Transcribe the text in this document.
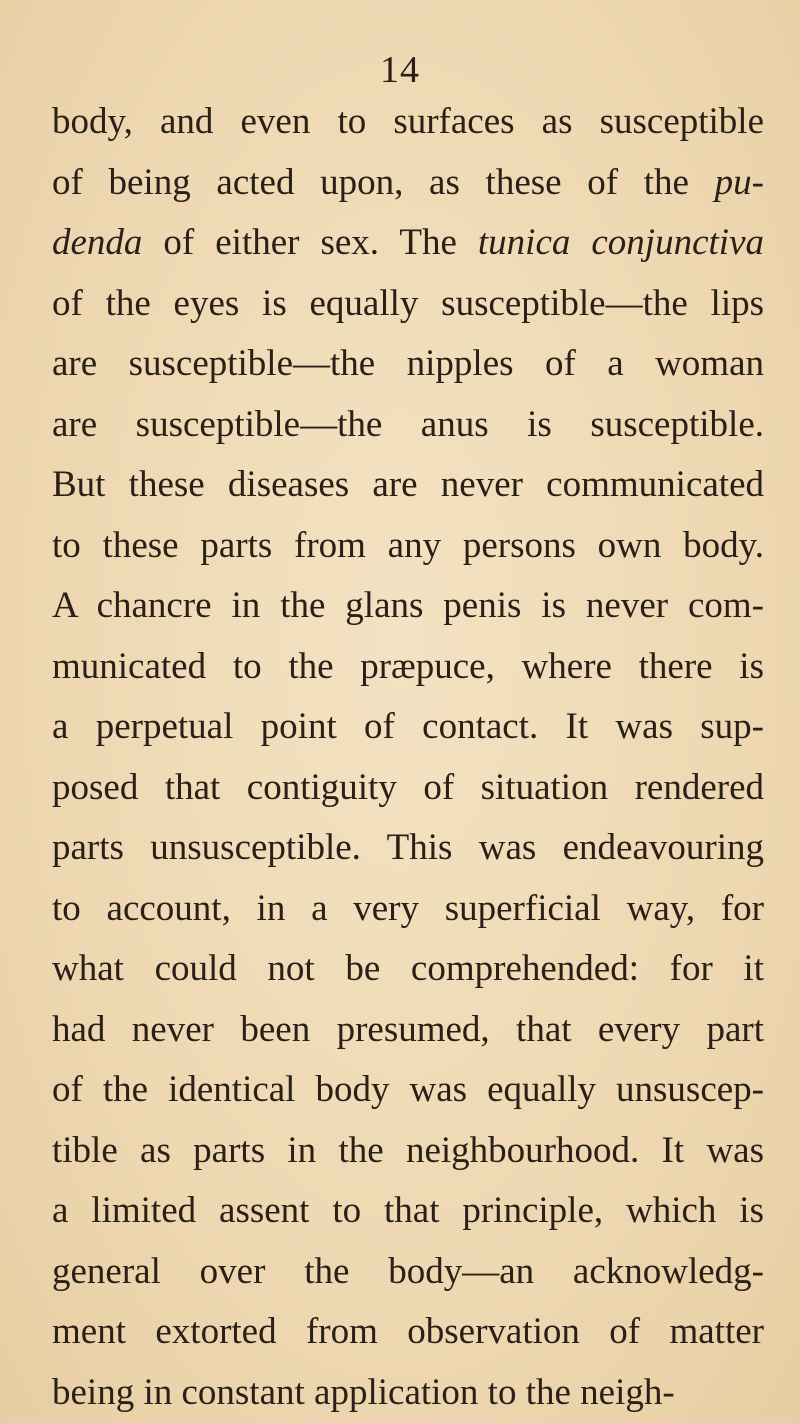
14

body, and even to surfaces as susceptible
of being acted upon, as these of the pu-
denda of either sex. The tunica conjunctiva
of the eyes is equally susceptible—the lips
are susceptible—the nipples of a woman
are susceptible—the anus is susceptible.
But these diseases are never communicated
to these parts from any persons own body.
A chancre in the glans penis is never com-
municated to the præpuce, where there is
a perpetual point of contact. It was sup-
posed that contiguity of situation rendered
parts unsusceptible. This was endeavouring
to account, in a very superficial way, for
what could not be comprehended: for it
had never been presumed, that every part
of the identical body was equally unsuscep-
tible as parts in the neighbourhood. It was
a limited assent to that principle, which is
general over the body—an acknowledg-
ment extorted from observation of matter
being in constant application to the neigh-
